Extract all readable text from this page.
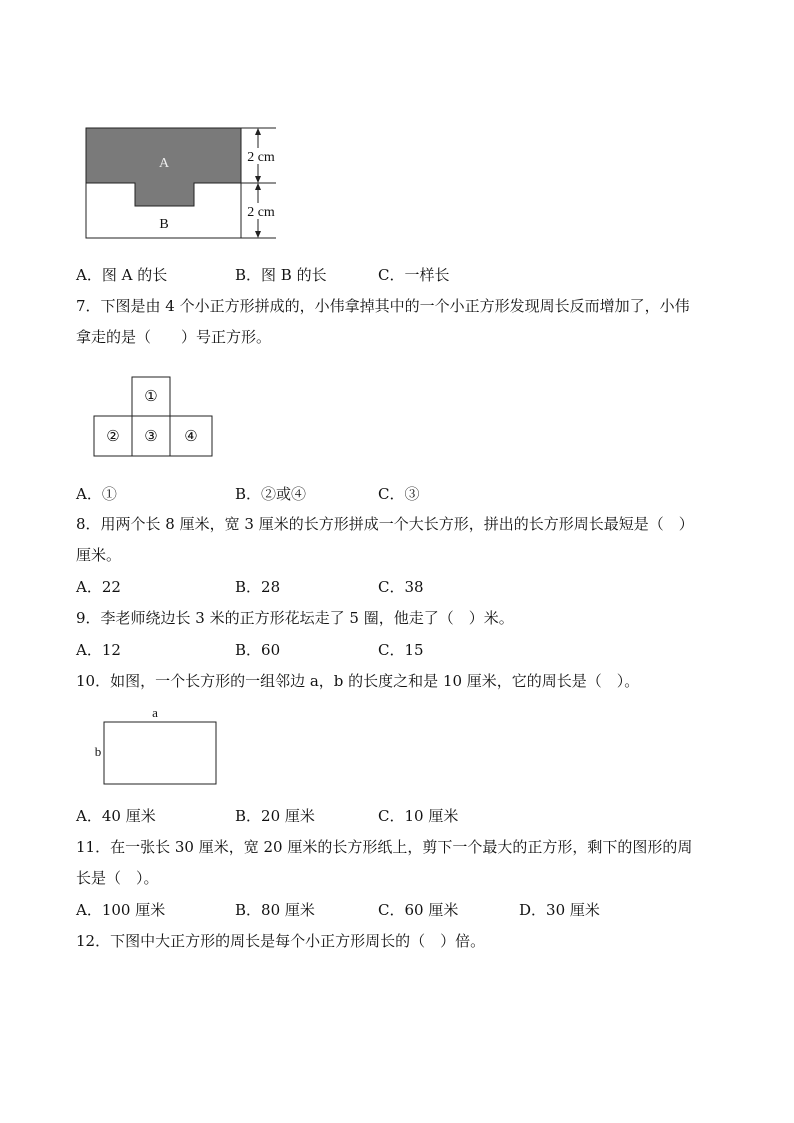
A
B
2 cm
2 cm
A．图 A 的长	B．图 B 的长	C．一样长
7．下图是由 4 个小正方形拼成的，小伟拿掉其中的一个小正方形发现周长反而增加了，小伟
拿走的是（　　）号正方形。
①
② ③ ④
A．①	B．②或④	C．③
8．用两个长 8 厘米，宽 3 厘米的长方形拼成一个大长方形，拼出的长方形周长最短是（　）
厘米。
A．22	B．28	C．38
9．李老师绕边长 3 米的正方形花坛走了 5 圈，他走了（　）米。
A．12	B．60	C．15
10．如图，一个长方形的一组邻边 a，b 的长度之和是 10 厘米，它的周长是（　）。
a
b
A．40 厘米	B．20 厘米	C．10 厘米
11．在一张长 30 厘米，宽 20 厘米的长方形纸上，剪下一个最大的正方形，剩下的图形的周
长是（　）。
A．100 厘米	B．80 厘米	C．60 厘米	D．30 厘米
12．下图中大正方形的周长是每个小正方形周长的（　）倍。
